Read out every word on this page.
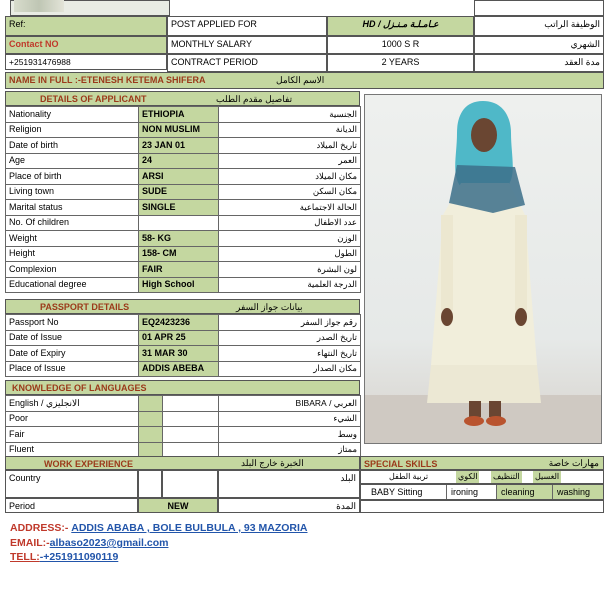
Ref:
Contact NO
+251931476988
POST APPLIED FOR	HD / عـامـلـة مـنـزل	الوظيفة الراتب
MONTHLY SALARY	1000 S R	الشهري
CONTRACT PERIOD	2 YEARS	مدة العقد
NAME IN FULL :-ETENESH KETEMA SHIFERA	الاسم الكامل
DETAILS OF APPLICANT	تفاصيل مقدم الطلب
Nationality	ETHIOPIA	الجنسية
Religion	NON MUSLIM	الديانة
Date of birth	23 JAN 01	تاريخ الميلاد
Age	24	العمر
Place of birth	ARSI	مكان الميلاد
Living town	SUDE	مكان السكن
Marital status	SINGLE	الحالة الاجتماعية
No. Of children		عدد الاطفال
Weight	58- KG	الوزن
Height	158- CM	الطول
Complexion	FAIR	لون البشرة
Educational degree	High School	الدرجة العلمية
PASSPORT DETAILS	بيانات جواز السفر
Passport No	EQ2423236	رقم جواز السفر
Date of Issue	01 APR 25	تاريخ الصدر
Date of Expiry	31 MAR 30	تاريخ النتهاء
Place of Issue	ADDIS ABEBA	مكان الصدار
KNOWLEDGE OF LANGUAGES
English / الانجليزي			العربي / BIBARA
Poor			الشيء
Fair			وسط
Fluent			ممتاز
WORK EXPERIENCE	الخبرة خارج البلد
Country	البلد
Period	NEW	المدة
SPECIAL SKILLS	مهارات خاصة
تربية الطفل	الكوي التنظيف الغسيل
BABY Sitting	ironing	cleaning	washing
ADDRESS:- ADDIS ABABA , BOLE BULBULA , 93 MAZORIA
EMAIL:-albaso2023@gmail.com
TELL:-+251911090119
